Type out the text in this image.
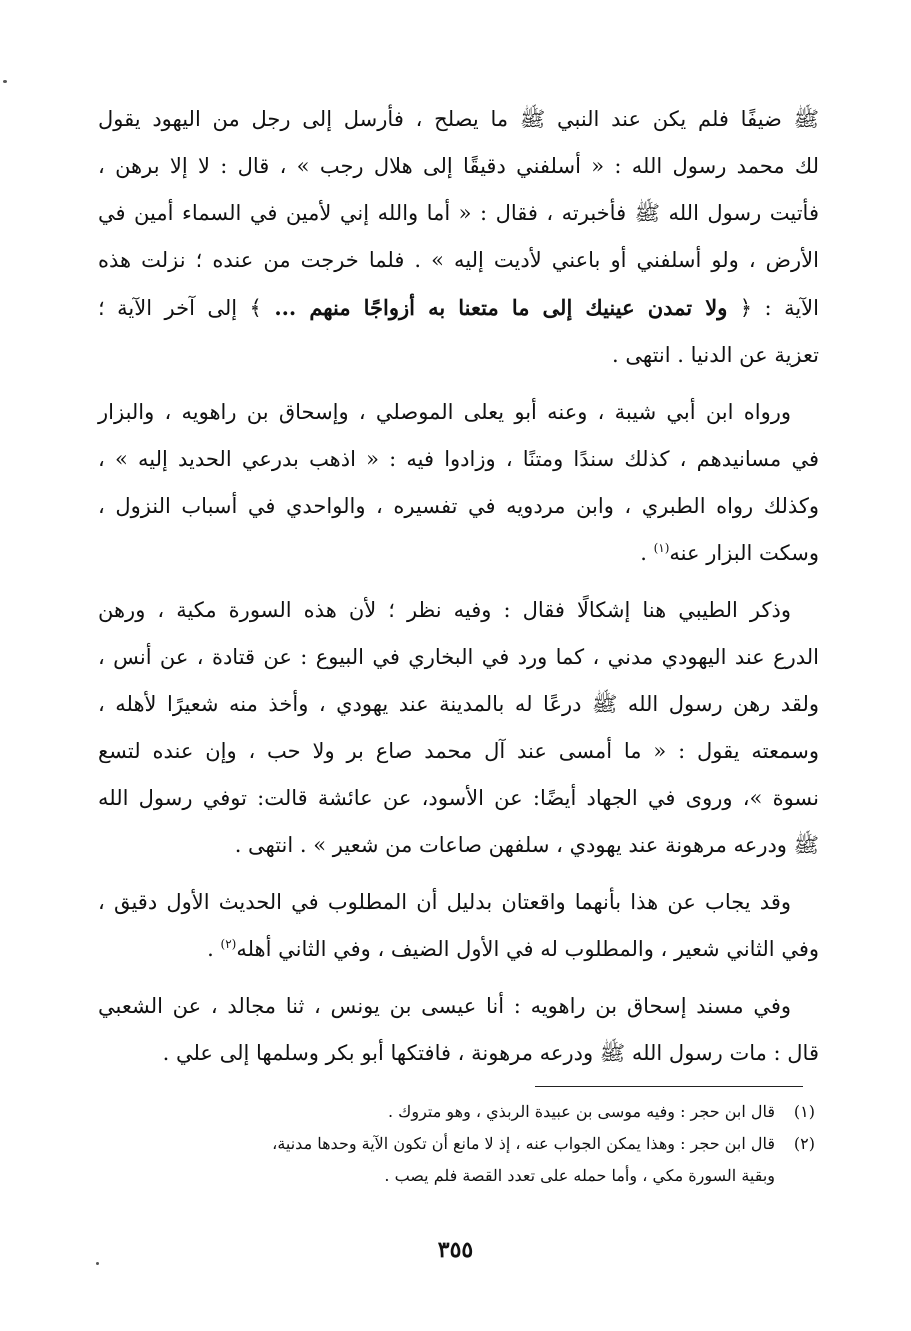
ﷺ ضيفًا فلم يكن عند النبي ﷺ ما يصلح ، فأرسل إلى رجل من اليهود يقول
لك محمد رسول الله : « أسلفني دقيقًا إلى هلال رجب » ، قال : لا إلا برهن ،
فأتيت رسول الله ﷺ فأخبرته ، فقال : « أما والله إني لأمين في السماء أمين في
الأرض ، ولو أسلفني أو باعني لأديت إليه » . فلما خرجت من عنده ؛ نزلت هذه
الآية : ﴿ ولا تمدن عينيك إلى ما متعنا به أزواجًا منهم ... ﴾ إلى آخر الآية ؛
تعزية عن الدنيا . انتهى .

ورواه ابن أبي شيبة ، وعنه أبو يعلى الموصلي ، وإسحاق بن راهويه ، والبزار
في مسانيدهم ، كذلك سندًا ومتنًا ، وزادوا فيه : « اذهب بدرعي الحديد إليه » ،
وكذلك رواه الطبري ، وابن مردويه في تفسيره ، والواحدي في أسباب النزول ،
وسكت البزار عنه$^{(١)}$ .

وذكر الطيبي هنا إشكالًا فقال : وفيه نظر ؛ لأن هذه السورة مكية ، ورهن
الدرع عند اليهودي مدني ، كما ورد في البخاري في البيوع : عن قتادة ، عن أنس ،
ولقد رهن رسول الله ﷺ درعًا له بالمدينة عند يهودي ، وأخذ منه شعيرًا لأهله ،
وسمعته يقول : « ما أمسى عند آل محمد صاع بر ولا حب ، وإن عنده لتسع
نسوة »، وروى في الجهاد أيضًا: عن الأسود، عن عائشة قالت: توفي رسول الله
ﷺ ودرعه مرهونة عند يهودي ، سلفهن صاعات من شعير » . انتهى .

وقد يجاب عن هذا بأنهما واقعتان بدليل أن المطلوب في الحديث الأول دقيق ،
وفي الثاني شعير ، والمطلوب له في الأول الضيف ، وفي الثاني أهله$^{(٢)}$ .

وفي مسند إسحاق بن راهويه : أنا عيسى بن يونس ، ثنا مجالد ، عن الشعبي
قال : مات رسول الله ﷺ ودرعه مرهونة ، فافتكها أبو بكر وسلمها إلى علي .

(١)
قال ابن حجر : وفيه موسى بن عبيدة الربذي ، وهو متروك .
(٢)
قال ابن حجر : وهذا يمكن الجواب عنه ، إذ لا مانع أن تكون الآية وحدها مدنية،
وبقية السورة مكي ، وأما حمله على تعدد القصة فلم يصب .
٣٥٥
